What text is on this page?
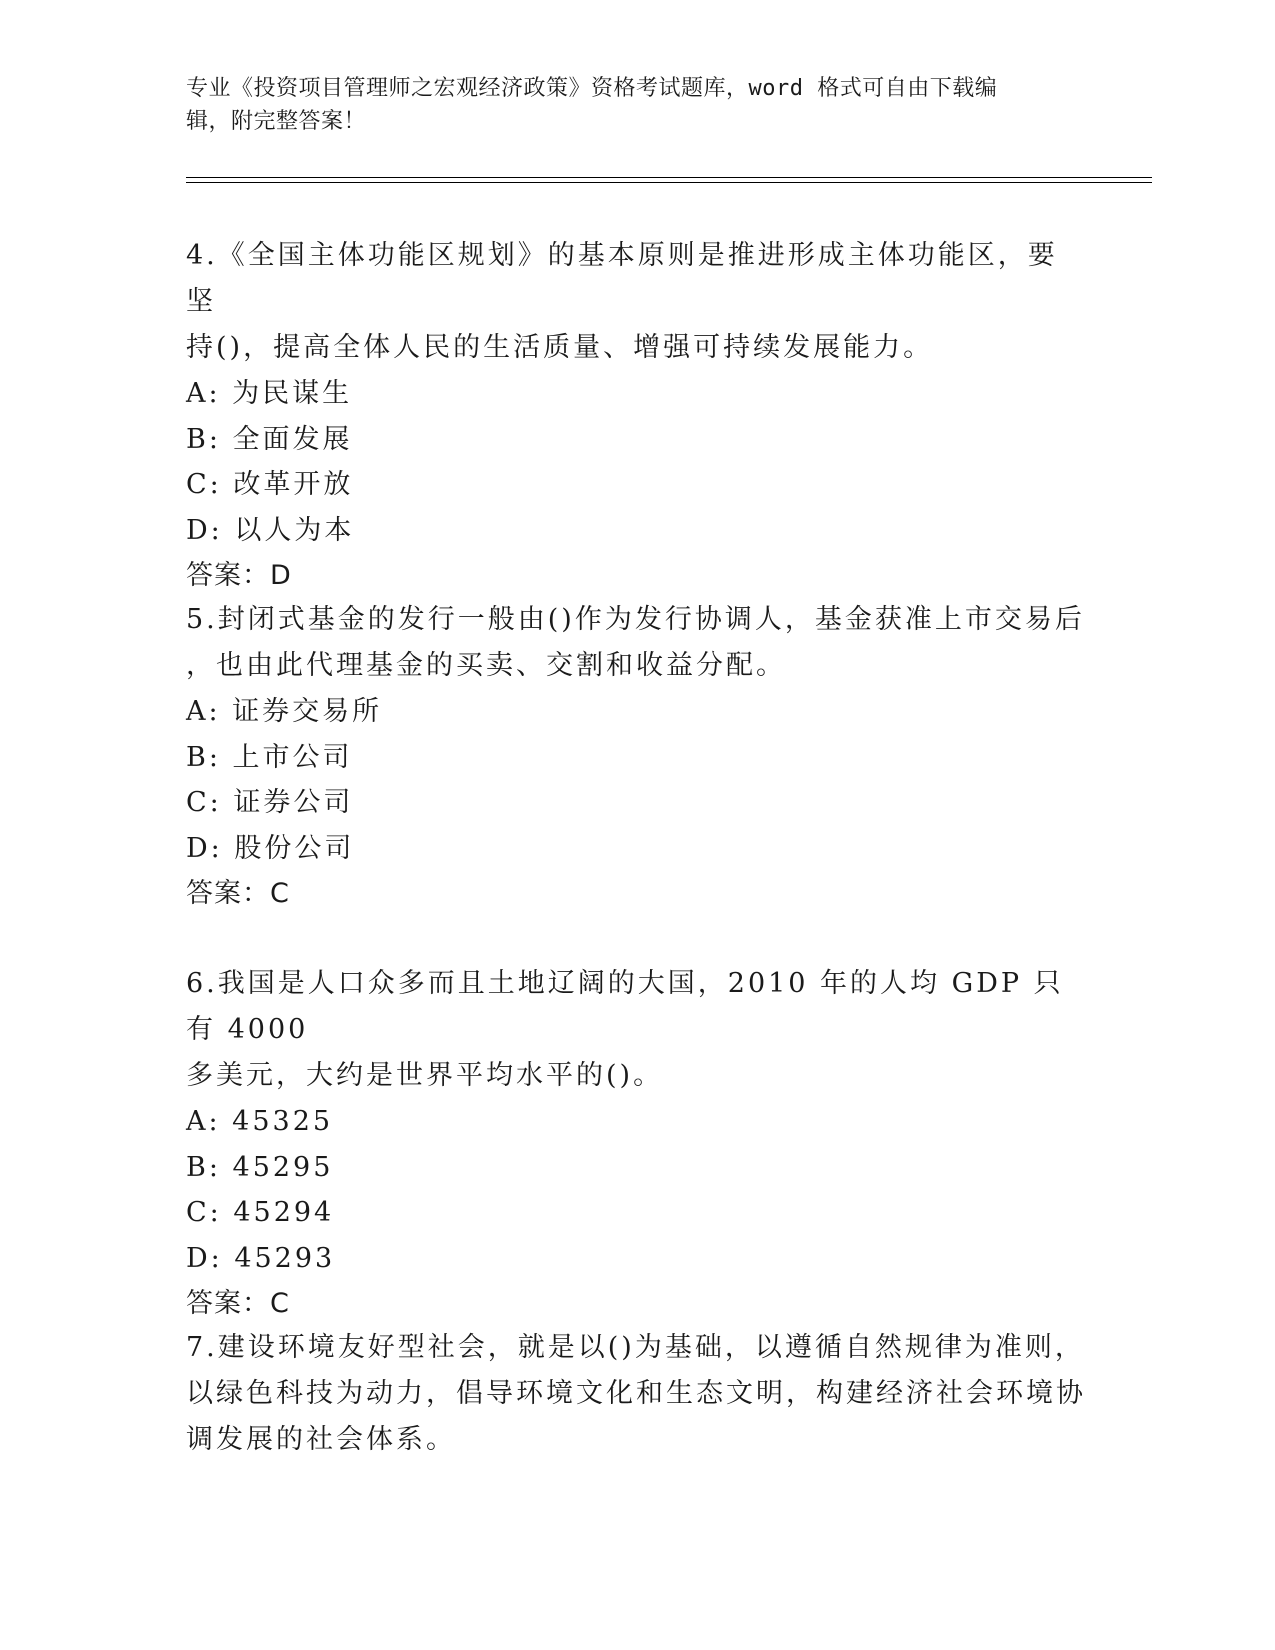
专业《投资项目管理师之宏观经济政策》资格考试题库，word 格式可自由下载编
辑，附完整答案！

4.《全国主体功能区规划》的基本原则是推进形成主体功能区，要坚

持()，提高全体人民的生活质量、增强可持续发展能力。

A: 为民谋生

B: 全面发展

C: 改革开放

D: 以人为本

答案：D

5.封闭式基金的发行一般由()作为发行协调人，基金获准上市交易后

，也由此代理基金的买卖、交割和收益分配。

A: 证券交易所

B: 上市公司

C: 证券公司

D: 股份公司

答案：C

6.我国是人口众多而且土地辽阔的大国，2010 年的人均 GDP 只有 4000

多美元，大约是世界平均水平的()。

A: 45325

B: 45295

C: 45294

D: 45293

答案：C

7.建设环境友好型社会，就是以()为基础，以遵循自然规律为准则，

以绿色科技为动力，倡导环境文化和生态文明，构建经济社会环境协

调发展的社会体系。
